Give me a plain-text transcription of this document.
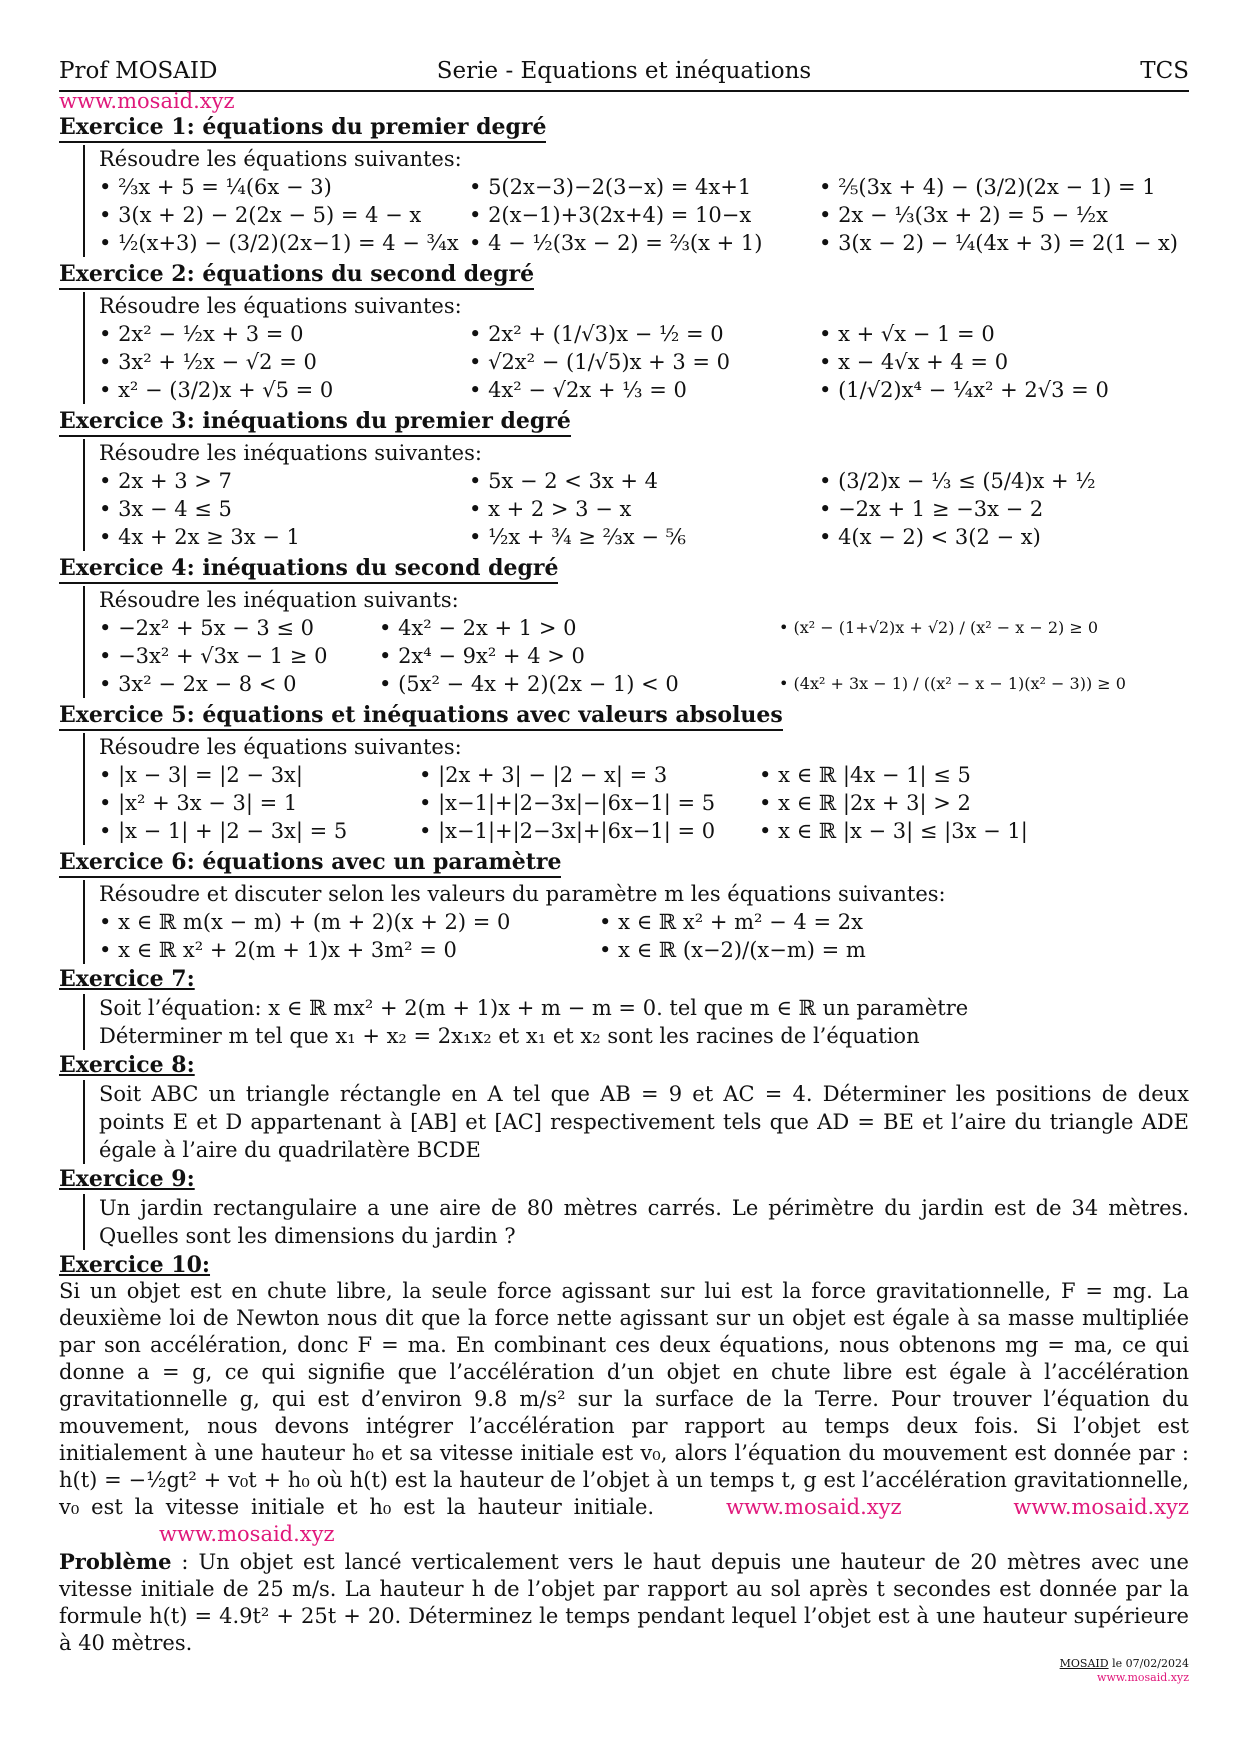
Prof MOSAID	Serie - Equations et inéquations	TCS
www.mosaid.xyz
Exercice 1: équations du premier degré
Résoudre les équations suivantes:
• ⅔x + 5 = ¼(6x − 3)	• 5(2x−3)−2(3−x) = 4x+1	• ⅖(3x + 4) − (3/2)(2x − 1) = 1
• 3(x + 2) − 2(2x − 5) = 4 − x	• 2(x−1)+3(2x+4) = 10−x	• 2x − ⅓(3x + 2) = 5 − ½x
• ½(x+3) − (3/2)(2x−1) = 4 − ¾x	• 4 − ½(3x − 2) = ⅔(x + 1)	• 3(x − 2) − ¼(4x + 3) = 2(1 − x)
Exercice 2: équations du second degré
Résoudre les équations suivantes:
• 2x² − ½x + 3 = 0	• 2x² + (1/√3)x − ½ = 0	• x + √x − 1 = 0
• 3x² + ½x − √2 = 0	• √2x² − (1/√5)x + 3 = 0	• x − 4√x + 4 = 0
• x² − (3/2)x + √5 = 0	• 4x² − √2x + ⅓ = 0	• (1/√2)x⁴ − ¼x² + 2√3 = 0
Exercice 3: inéquations du premier degré
Résoudre les inéquations suivantes:
• 2x + 3 > 7	• 5x − 2 < 3x + 4	• (3/2)x − ⅓ ≤ (5/4)x + ½
• 3x − 4 ≤ 5	• x + 2 > 3 − x	• −2x + 1 ≥ −3x − 2
• 4x + 2x ≥ 3x − 1	• ½x + ¾ ≥ ⅔x − ⅚	• 4(x − 2) < 3(2 − x)
Exercice 4: inéquations du second degré
Résoudre les inéquation suivants:
• −2x² + 5x − 3 ≤ 0	• 4x² − 2x + 1 > 0	• (x² − (1+√2)x + √2) / (x² − x − 2) ≥ 0
• −3x² + √3x − 1 ≥ 0	• 2x⁴ − 9x² + 4 > 0
• 3x² − 2x − 8 < 0	• (5x² − 4x + 2)(2x − 1) < 0	• (4x² + 3x − 1) / ((x² − x − 1)(x² − 3)) ≥ 0
Exercice 5: équations et inéquations avec valeurs absolues
Résoudre les équations suivantes:
• |x − 3| = |2 − 3x|	• |2x + 3| − |2 − x| = 3	• x ∈ ℝ |4x − 1| ≤ 5
• |x² + 3x − 3| = 1	• |x−1|+|2−3x|−|6x−1| = 5	• x ∈ ℝ |2x + 3| > 2
• |x − 1| + |2 − 3x| = 5	• |x−1|+|2−3x|+|6x−1| = 0	• x ∈ ℝ |x − 3| ≤ |3x − 1|
Exercice 6: équations avec un paramètre
Résoudre et discuter selon les valeurs du paramètre m les équations suivantes:
• x ∈ ℝ m(x − m) + (m + 2)(x + 2) = 0	• x ∈ ℝ x² + m² − 4 = 2x
• x ∈ ℝ x² + 2(m + 1)x + 3m² = 0	• x ∈ ℝ (x−2)/(x−m) = m
Exercice 7:
Soit l’équation: x ∈ ℝ mx² + 2(m + 1)x + m − m = 0. tel que m ∈ ℝ un paramètre
Déterminer m tel que x₁ + x₂ = 2x₁x₂ et x₁ et x₂ sont les racines de l’équation
Exercice 8:
Soit ABC un triangle réctangle en A tel que AB = 9 et AC = 4. Déterminer les positions de deux points E et D appartenant à [AB] et [AC] respectivement tels que AD = BE et l’aire du triangle ADE égale à l’aire du quadrilatère BCDE
Exercice 9:
Un jardin rectangulaire a une aire de 80 mètres carrés. Le périmètre du jardin est de 34 mètres. Quelles sont les dimensions du jardin ?
Exercice 10:
Si un objet est en chute libre, la seule force agissant sur lui est la force gravitationnelle, F = mg. La deuxième loi de Newton nous dit que la force nette agissant sur un objet est égale à sa masse multipliée par son accélération, donc F = ma. En combinant ces deux équations, nous obtenons mg = ma, ce qui donne a = g, ce qui signifie que l’accélération d’un objet en chute libre est égale à l’accélération gravitationnelle g, qui est d’environ 9.8 m/s² sur la surface de la Terre. Pour trouver l’équation du mouvement, nous devons intégrer l’accélération par rapport au temps deux fois. Si l’objet est initialement à une hauteur h₀ et sa vitesse initiale est v₀, alors l’équation du mouvement est donnée par : h(t) = −½gt² + v₀t + h₀ où h(t) est la hauteur de l’objet à un temps t, g est l’accélération gravitationnelle, v₀ est la vitesse initiale et h₀ est la hauteur initiale.	www.mosaid.xyz	www.mosaid.xyz www.mosaid.xyz
Problème : Un objet est lancé verticalement vers le haut depuis une hauteur de 20 mètres avec une vitesse initiale de 25 m/s. La hauteur h de l’objet par rapport au sol après t secondes est donnée par la formule h(t) = 4.9t² + 25t + 20. Déterminez le temps pendant lequel l’objet est à une hauteur supérieure à 40 mètres.
MOSAID le 07/02/2024
www.mosaid.xyz
